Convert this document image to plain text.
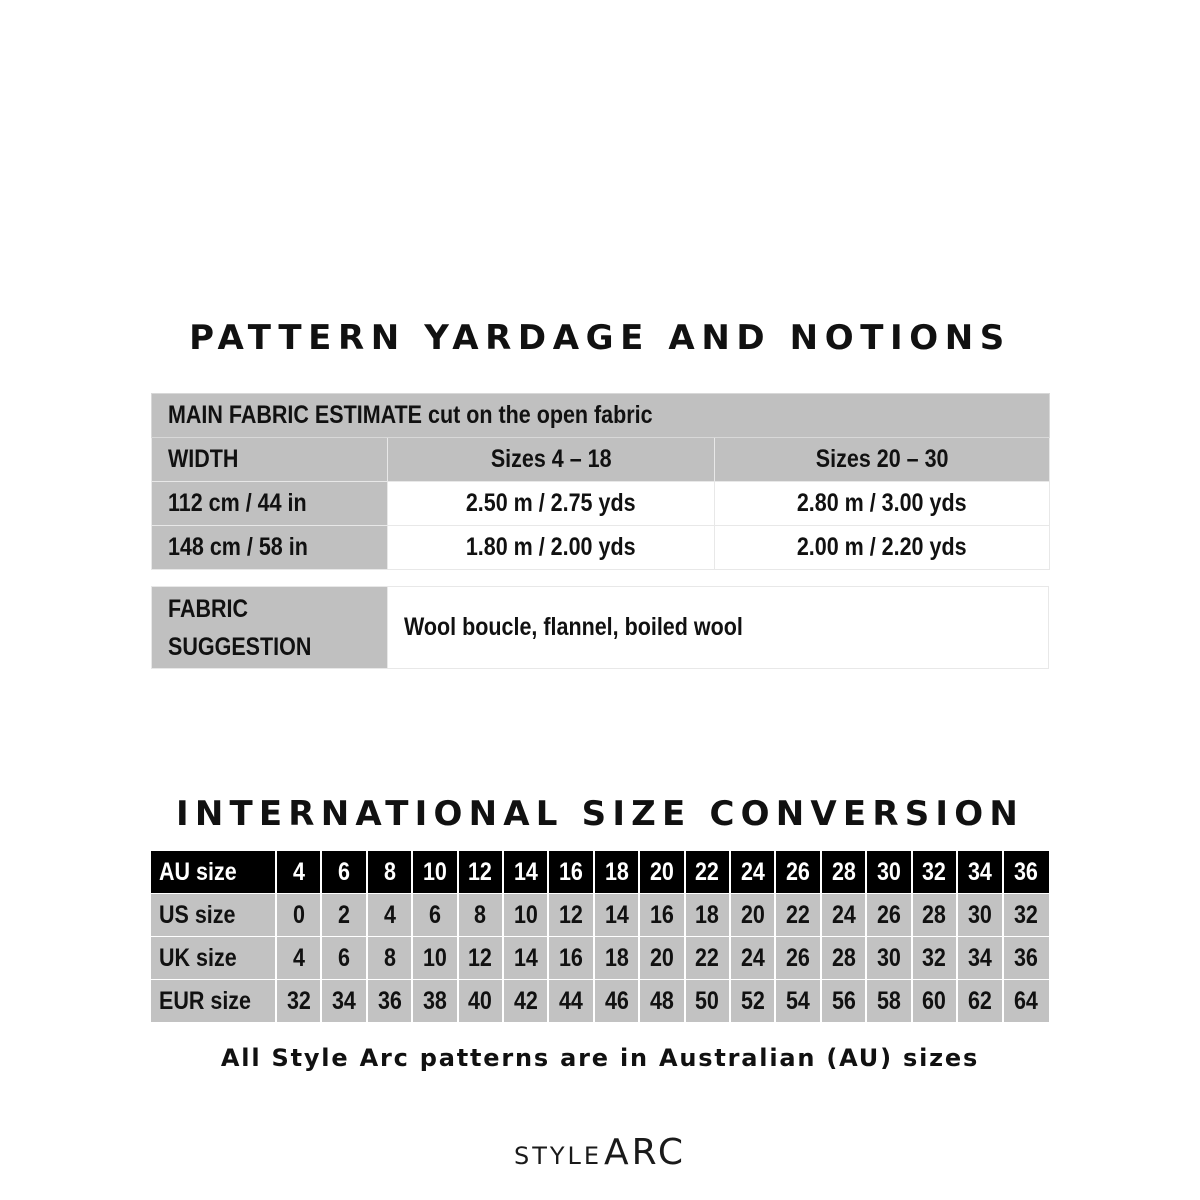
PATTERN YARDAGE AND NOTIONS
MAIN FABRIC ESTIMATE cut on the open fabric		
WIDTH	Sizes 4 – 18	Sizes 20 – 30
112 cm / 44 in	2.50 m / 2.75 yds	2.80 m / 3.00 yds
148 cm / 58 in	1.80 m / 2.00 yds	2.00 m / 2.20 yds
FABRIC
SUGGESTION	Wool boucle, flannel, boiled wool
INTERNATIONAL SIZE CONVERSION
AU size	4	6	8	10	12	14	16	18	20	22	24	26	28	30	32	34	36
US size	0	2	4	6	8	10	12	14	16	18	20	22	24	26	28	30	32
UK size	4	6	8	10	12	14	16	18	20	22	24	26	28	30	32	34	36
EUR size	32	34	36	38	40	42	44	46	48	50	52	54	56	58	60	62	64
All Style Arc patterns are in Australian (AU) sizes
STYLEARC
